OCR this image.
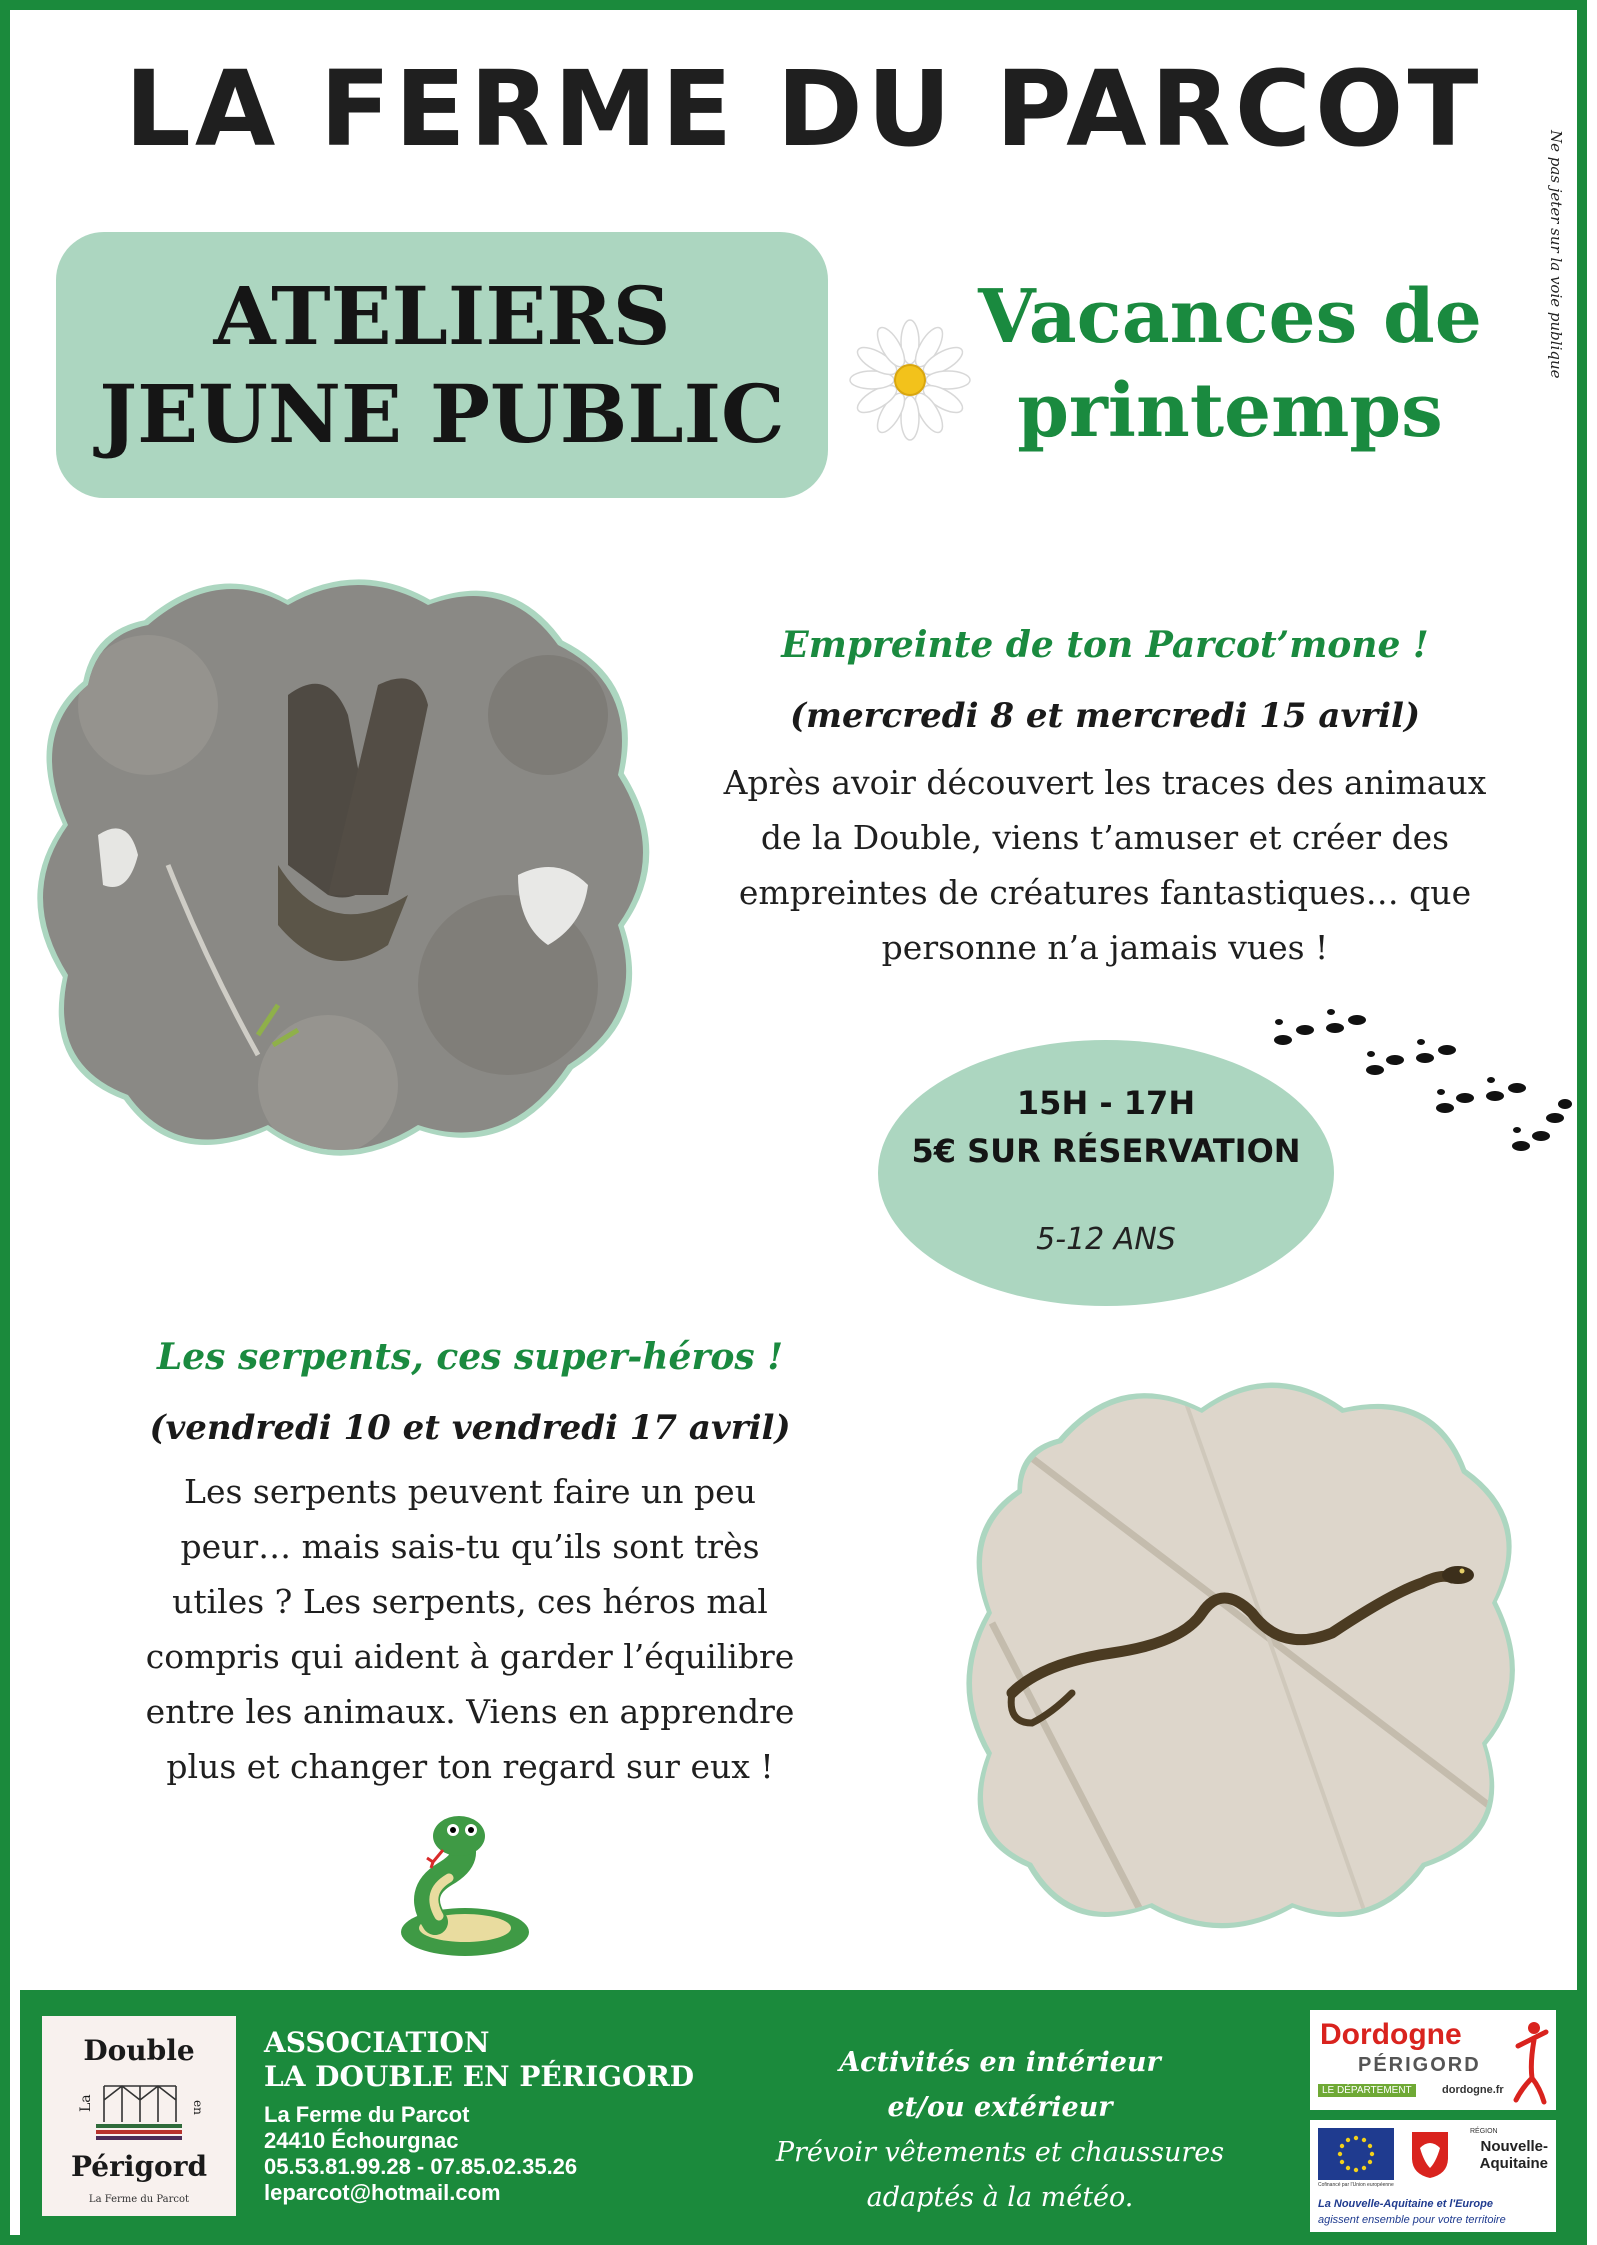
LA FERME DU PARCOT
Ne pas jeter sur la voie publique
ATELIERS
JEUNE PUBLIC
Vacances de
printemps
Empreinte de ton Parcot’mone !
(mercredi 8 et mercredi 15 avril)
Après avoir découvert les traces des animaux
de la Double, viens t’amuser et créer des
empreintes de créatures fantastiques… que
personne n’a jamais vues !
15H - 17H
5€ SUR RÉSERVATION
5-12 ANS
Les serpents, ces super-héros !
(vendredi 10 et vendredi 17 avril)
Les serpents peuvent faire un peu
peur… mais sais-tu qu’ils sont très
utiles ? Les serpents, ces héros mal
compris qui aident à garder l’équilibre
entre les animaux. Viens en apprendre
plus et changer ton regard sur eux !
Double
La	en
Périgord
La Ferme du Parcot
ASSOCIATION
LA DOUBLE EN PÉRIGORD
La Ferme du Parcot
24410 Échourgnac
05.53.81.99.28 - 07.85.02.35.26
leparcot@hotmail.com
Activités en intérieur
et/ou extérieur
Prévoir vêtements et chaussures
adaptés à la météo.
Dordogne
PÉRIGORD
LE DÉPARTEMENT	dordogne.fr
Cofinancé par l'Union européenne
RÉGION
Nouvelle-
Aquitaine
La Nouvelle-Aquitaine et l'Europe
agissent ensemble pour votre territoire
